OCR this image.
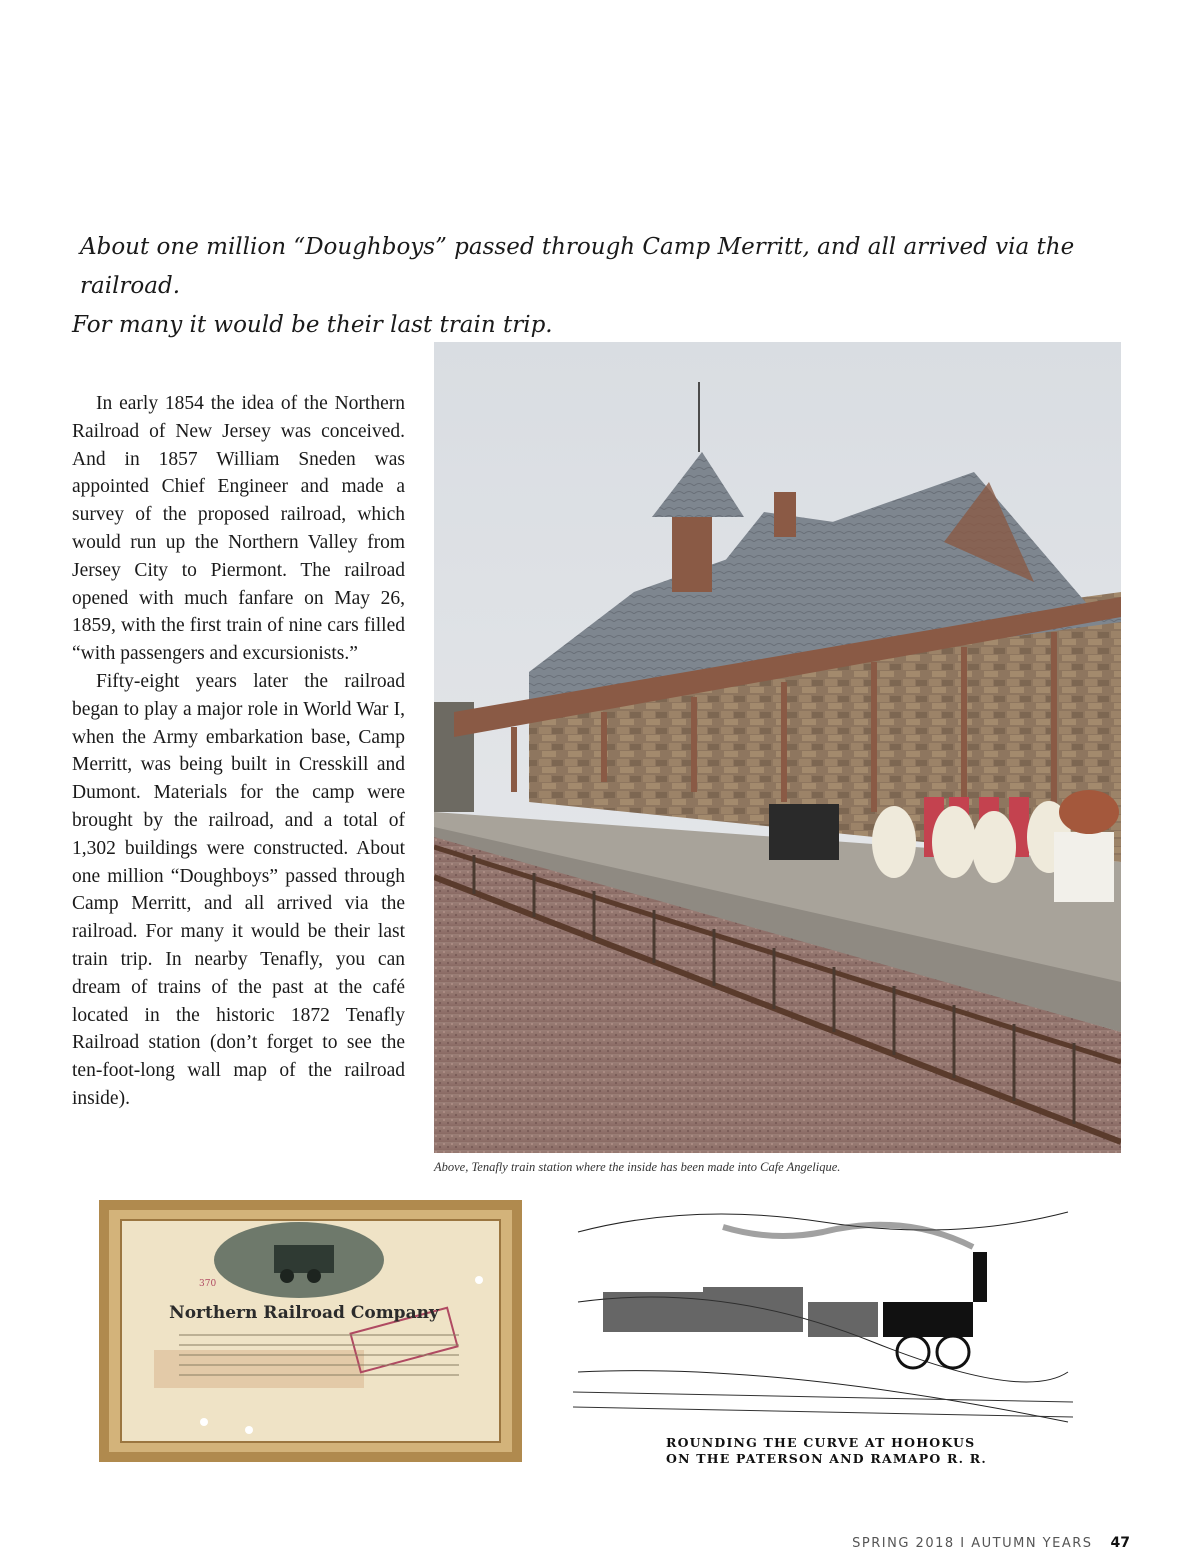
About one million “Doughboys” passed through Camp Merritt, and all arrived via the railroad.
For many it would be their last train trip.

In early 1854 the idea of the Northern Railroad of New Jersey was conceived. And in 1857 William Sneden was appointed Chief Engineer and made a survey of the proposed railroad, which would run up the Northern Valley from Jersey City to Piermont. The railroad opened with much fanfare on May 26, 1859, with the first train of nine cars filled “with passengers and excursionists.”

Fifty-eight years later the railroad began to play a major role in World War I, when the Army embarkation base, Camp Merritt, was being built in Cresskill and Dumont. Materials for the camp were brought by the railroad, and a total of 1,302 buildings were constructed. About one million “Doughboys” passed through Camp Merritt, and all arrived via the railroad. For many it would be their last train trip. In nearby Tenafly, you can dream of trains of the past at the café located in the historic 1872 Tenafly Railroad station (don’t forget to see the ten-foot-long wall map of the railroad inside).

Above, Tenafly train station where the inside has been made into Cafe Angelique.
Northern Railroad Company
370
ROUNDING THE CURVE AT HOHOKUS
ON THE PATERSON AND RAMAPO R. R.
SPRING 2018 I AUTUMN YEARS 47
